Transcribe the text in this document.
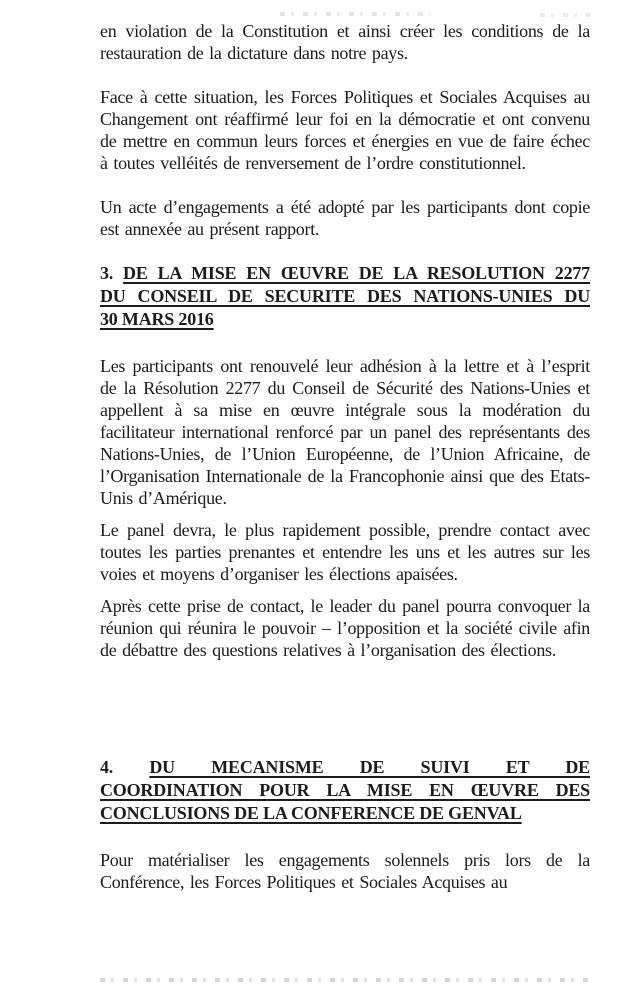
en violation de la Constitution et ainsi créer les conditions de la restauration de la dictature dans notre pays.

Face à cette situation, les Forces Politiques et Sociales Acquises au Changement ont réaffirmé leur foi en la démocratie et ont convenu de mettre en commun leurs forces et énergies en vue de faire échec à toutes velléités de renversement de l’ordre constitutionnel.

Un acte d’engagements a été adopté par les participants dont copie est annexée au présent rapport.

3. DE LA MISE EN ŒUVRE DE LA RESOLUTION 2277
DU CONSEIL DE SECURITE DES NATIONS-UNIES DU
30 MARS 2016

Les participants ont renouvelé leur adhésion à la lettre et à l’esprit de la Résolution 2277 du Conseil de Sécurité des Nations-Unies et appellent à sa mise en œuvre intégrale sous la modération du facilitateur international renforcé par un panel des représentants des Nations-Unies, de l’Union Européenne, de l’Union Africaine, de l’Organisation Internationale de la Francophonie ainsi que des Etats-Unis d’Amérique.

Le panel devra, le plus rapidement possible, prendre contact avec toutes les parties prenantes et entendre les uns et les autres sur les voies et moyens d’organiser les élections apaisées.

Après cette prise de contact, le leader du panel pourra convoquer la réunion qui réunira le pouvoir – l’opposition et la société civile afin de débattre des questions relatives à l’organisation des élections.

4. DU MECANISME DE SUIVI ET DE
COORDINATION POUR LA MISE EN ŒUVRE DES
CONCLUSIONS DE LA CONFERENCE DE GENVAL

Pour matérialiser les engagements solennels pris lors de la Conférence, les Forces Politiques et Sociales Acquises au
